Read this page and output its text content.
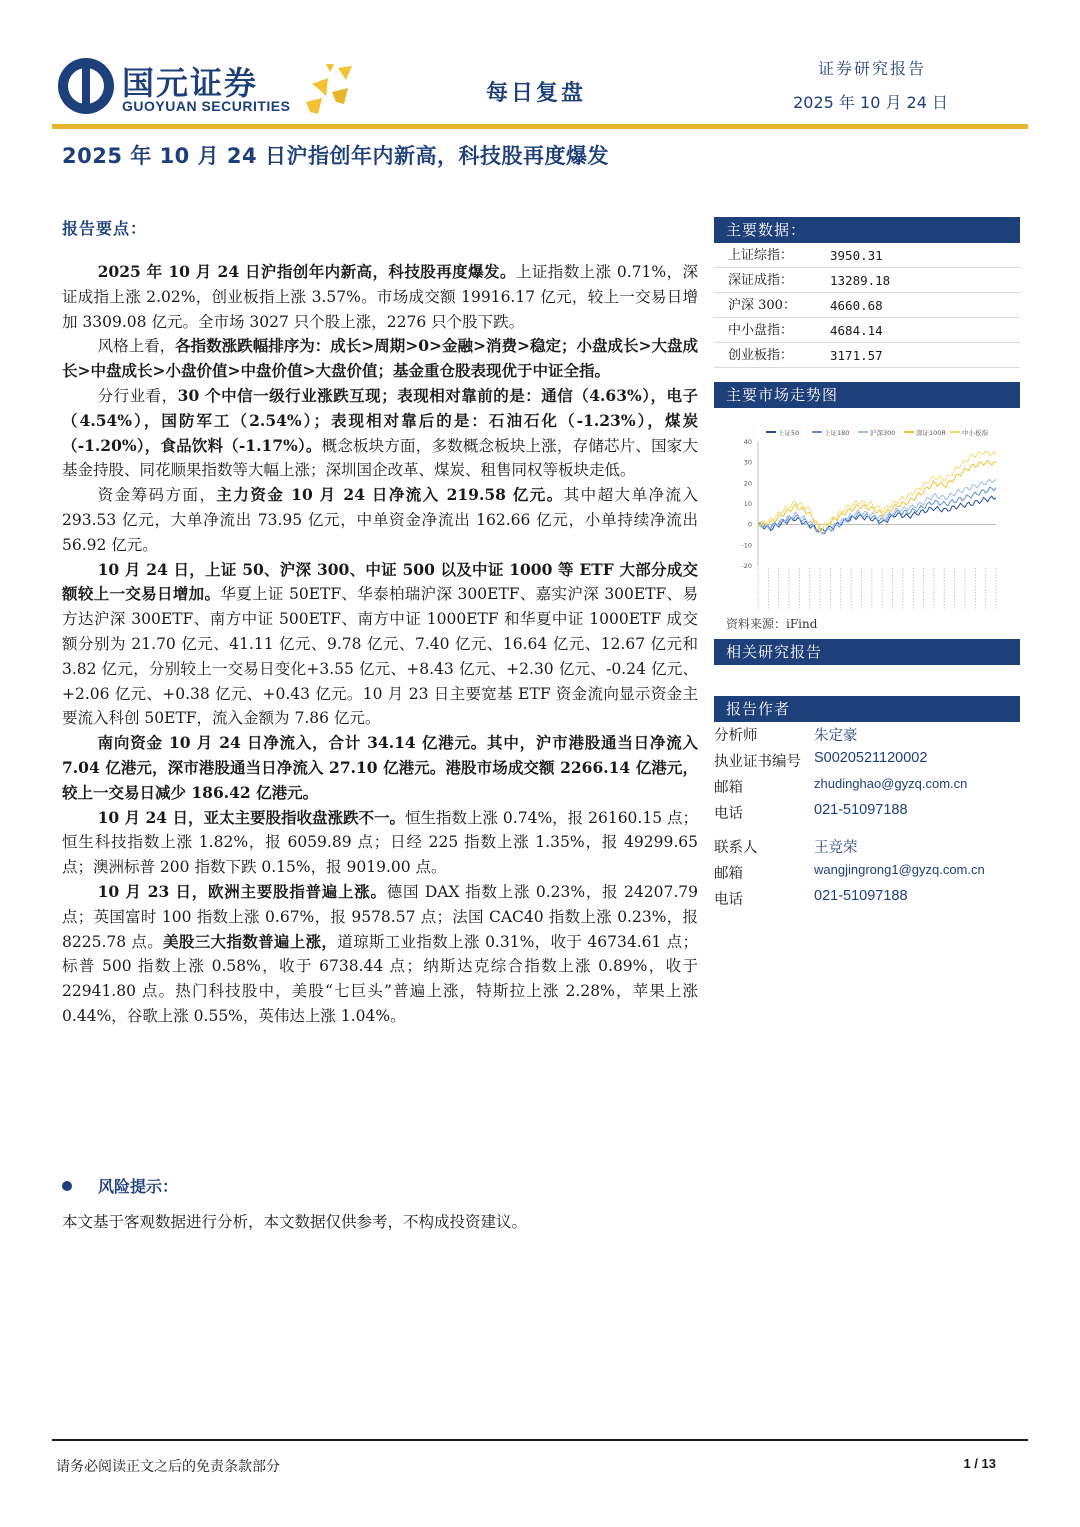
国元证券
GUOYUAN SECURITIES	每日复盘
证券研究报告
2025 年 10 月 24 日
2025 年 10 月 24 日沪指创年内新高，科技股再度爆发
报告要点：

2025 年 10 月 24 日沪指创年内新高，科技股再度爆发。上证指数上涨 0.71%，深证成指上涨 2.02%，创业板指上涨 3.57%。市场成交额 19916.17 亿元，较上一交易日增加 3309.08 亿元。全市场 3027 只个股上涨，2276 只个股下跌。

风格上看，各指数涨跌幅排序为：成长>周期>0>金融>消费>稳定；小盘成长>大盘成长>中盘成长>小盘价值>中盘价值>大盘价值；基金重仓股表现优于中证全指。

分行业看，30 个中信一级行业涨跌互现；表现相对靠前的是：通信（4.63%），电子（4.54%），国防军工（2.54%）；表现相对靠后的是：石油石化（-1.23%），煤炭（-1.20%），食品饮料（-1.17%）。概念板块方面，多数概念板块上涨，存储芯片、国家大基金持股、同花顺果指数等大幅上涨；深圳国企改革、煤炭、租售同权等板块走低。

资金筹码方面，主力资金 10 月 24 日净流入 219.58 亿元。其中超大单净流入 293.53 亿元，大单净流出 73.95 亿元，中单资金净流出 162.66 亿元，小单持续净流出 56.92 亿元。

10 月 24 日，上证 50、沪深 300、中证 500 以及中证 1000 等 ETF 大部分成交额较上一交易日增加。华夏上证 50ETF、华泰柏瑞沪深 300ETF、嘉实沪深 300ETF、易方达沪深 300ETF、南方中证 500ETF、南方中证 1000ETF 和华夏中证 1000ETF 成交额分别为 21.70 亿元、41.11 亿元、9.78 亿元、7.40 亿元、16.64 亿元、12.67 亿元和 3.82 亿元，分别较上一交易日变化+3.55 亿元、+8.43 亿元、+2.30 亿元、-0.24 亿元、+2.06 亿元、+0.38 亿元、+0.43 亿元。10 月 23 日主要宽基 ETF 资金流向显示资金主要流入科创 50ETF，流入金额为 7.86 亿元。

南向资金 10 月 24 日净流入，合计 34.14 亿港元。其中，沪市港股通当日净流入 7.04 亿港元，深市港股通当日净流入 27.10 亿港元。港股市场成交额 2266.14 亿港元，较上一交易日减少 186.42 亿港元。

10 月 24 日，亚太主要股指收盘涨跌不一。恒生指数上涨 0.74%，报 26160.15 点；恒生科技指数上涨 1.82%，报 6059.89 点；日经 225 指数上涨 1.35%，报 49299.65 点；澳洲标普 200 指数下跌 0.15%，报 9019.00 点。

10 月 23 日，欧洲主要股指普遍上涨。德国 DAX 指数上涨 0.23%，报 24207.79 点；英国富时 100 指数上涨 0.67%，报 9578.57 点；法国 CAC40 指数上涨 0.23%，报 8225.78 点。美股三大指数普遍上涨，道琼斯工业指数上涨 0.31%，收于 46734.61 点；标普 500 指数上涨 0.58%，收于 6738.44 点；纳斯达克综合指数上涨 0.89%，收于 22941.80 点。热门科技股中，美股“七巨头”普遍上涨，特斯拉上涨 2.28%，苹果上涨 0.44%，谷歌上涨 0.55%，英伟达上涨 1.04%。

风险提示：
本文基于客观数据进行分析，本文数据仅供参考，不构成投资建议。
主要数据：
上证综指：	3950.31
深证成指：	13289.18
沪深 300：	4660.68
中小盘指：	4684.14
创业板指：	3171.57
主要市场走势图
上证50	上证180	沪深300	深证100R 中小板指
40
30
20
10
0
-10
-20
资料来源：iFind
相关研究报告
报告作者
分析师	朱定豪
执业证书编号 S0020521120002
邮箱	zhudinghao@gyzq.com.cn
电话	021-51097188
联系人	王竞荣
邮箱	wangjingrong1@gyzq.com.cn
电话	021-51097188
请务必阅读正文之后的免责条款部分	1 / 13
